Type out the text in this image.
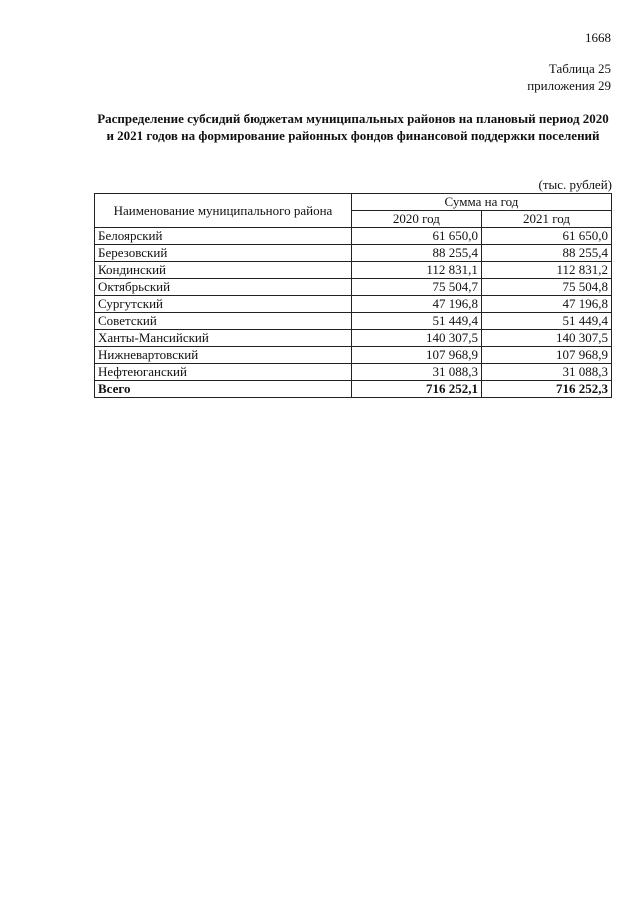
1668
Таблица 25
приложения 29
Распределение субсидий бюджетам муниципальных районов на плановый период 2020 и 2021 годов на формирование районных фондов финансовой поддержки поселений
(тыс. рублей)
Наименование муниципального района	Сумма на год	
	2020 год	2021 год
Белоярский	61 650,0	61 650,0
Березовский	88 255,4	88 255,4
Кондинский	112 831,1	112 831,2
Октябрьский	75 504,7	75 504,8
Сургутский	47 196,8	47 196,8
Советский	51 449,4	51 449,4
Ханты-Мансийский	140 307,5	140 307,5
Нижневартовский	107 968,9	107 968,9
Нефтеюганский	31 088,3	31 088,3
Всего	716 252,1	716 252,3
